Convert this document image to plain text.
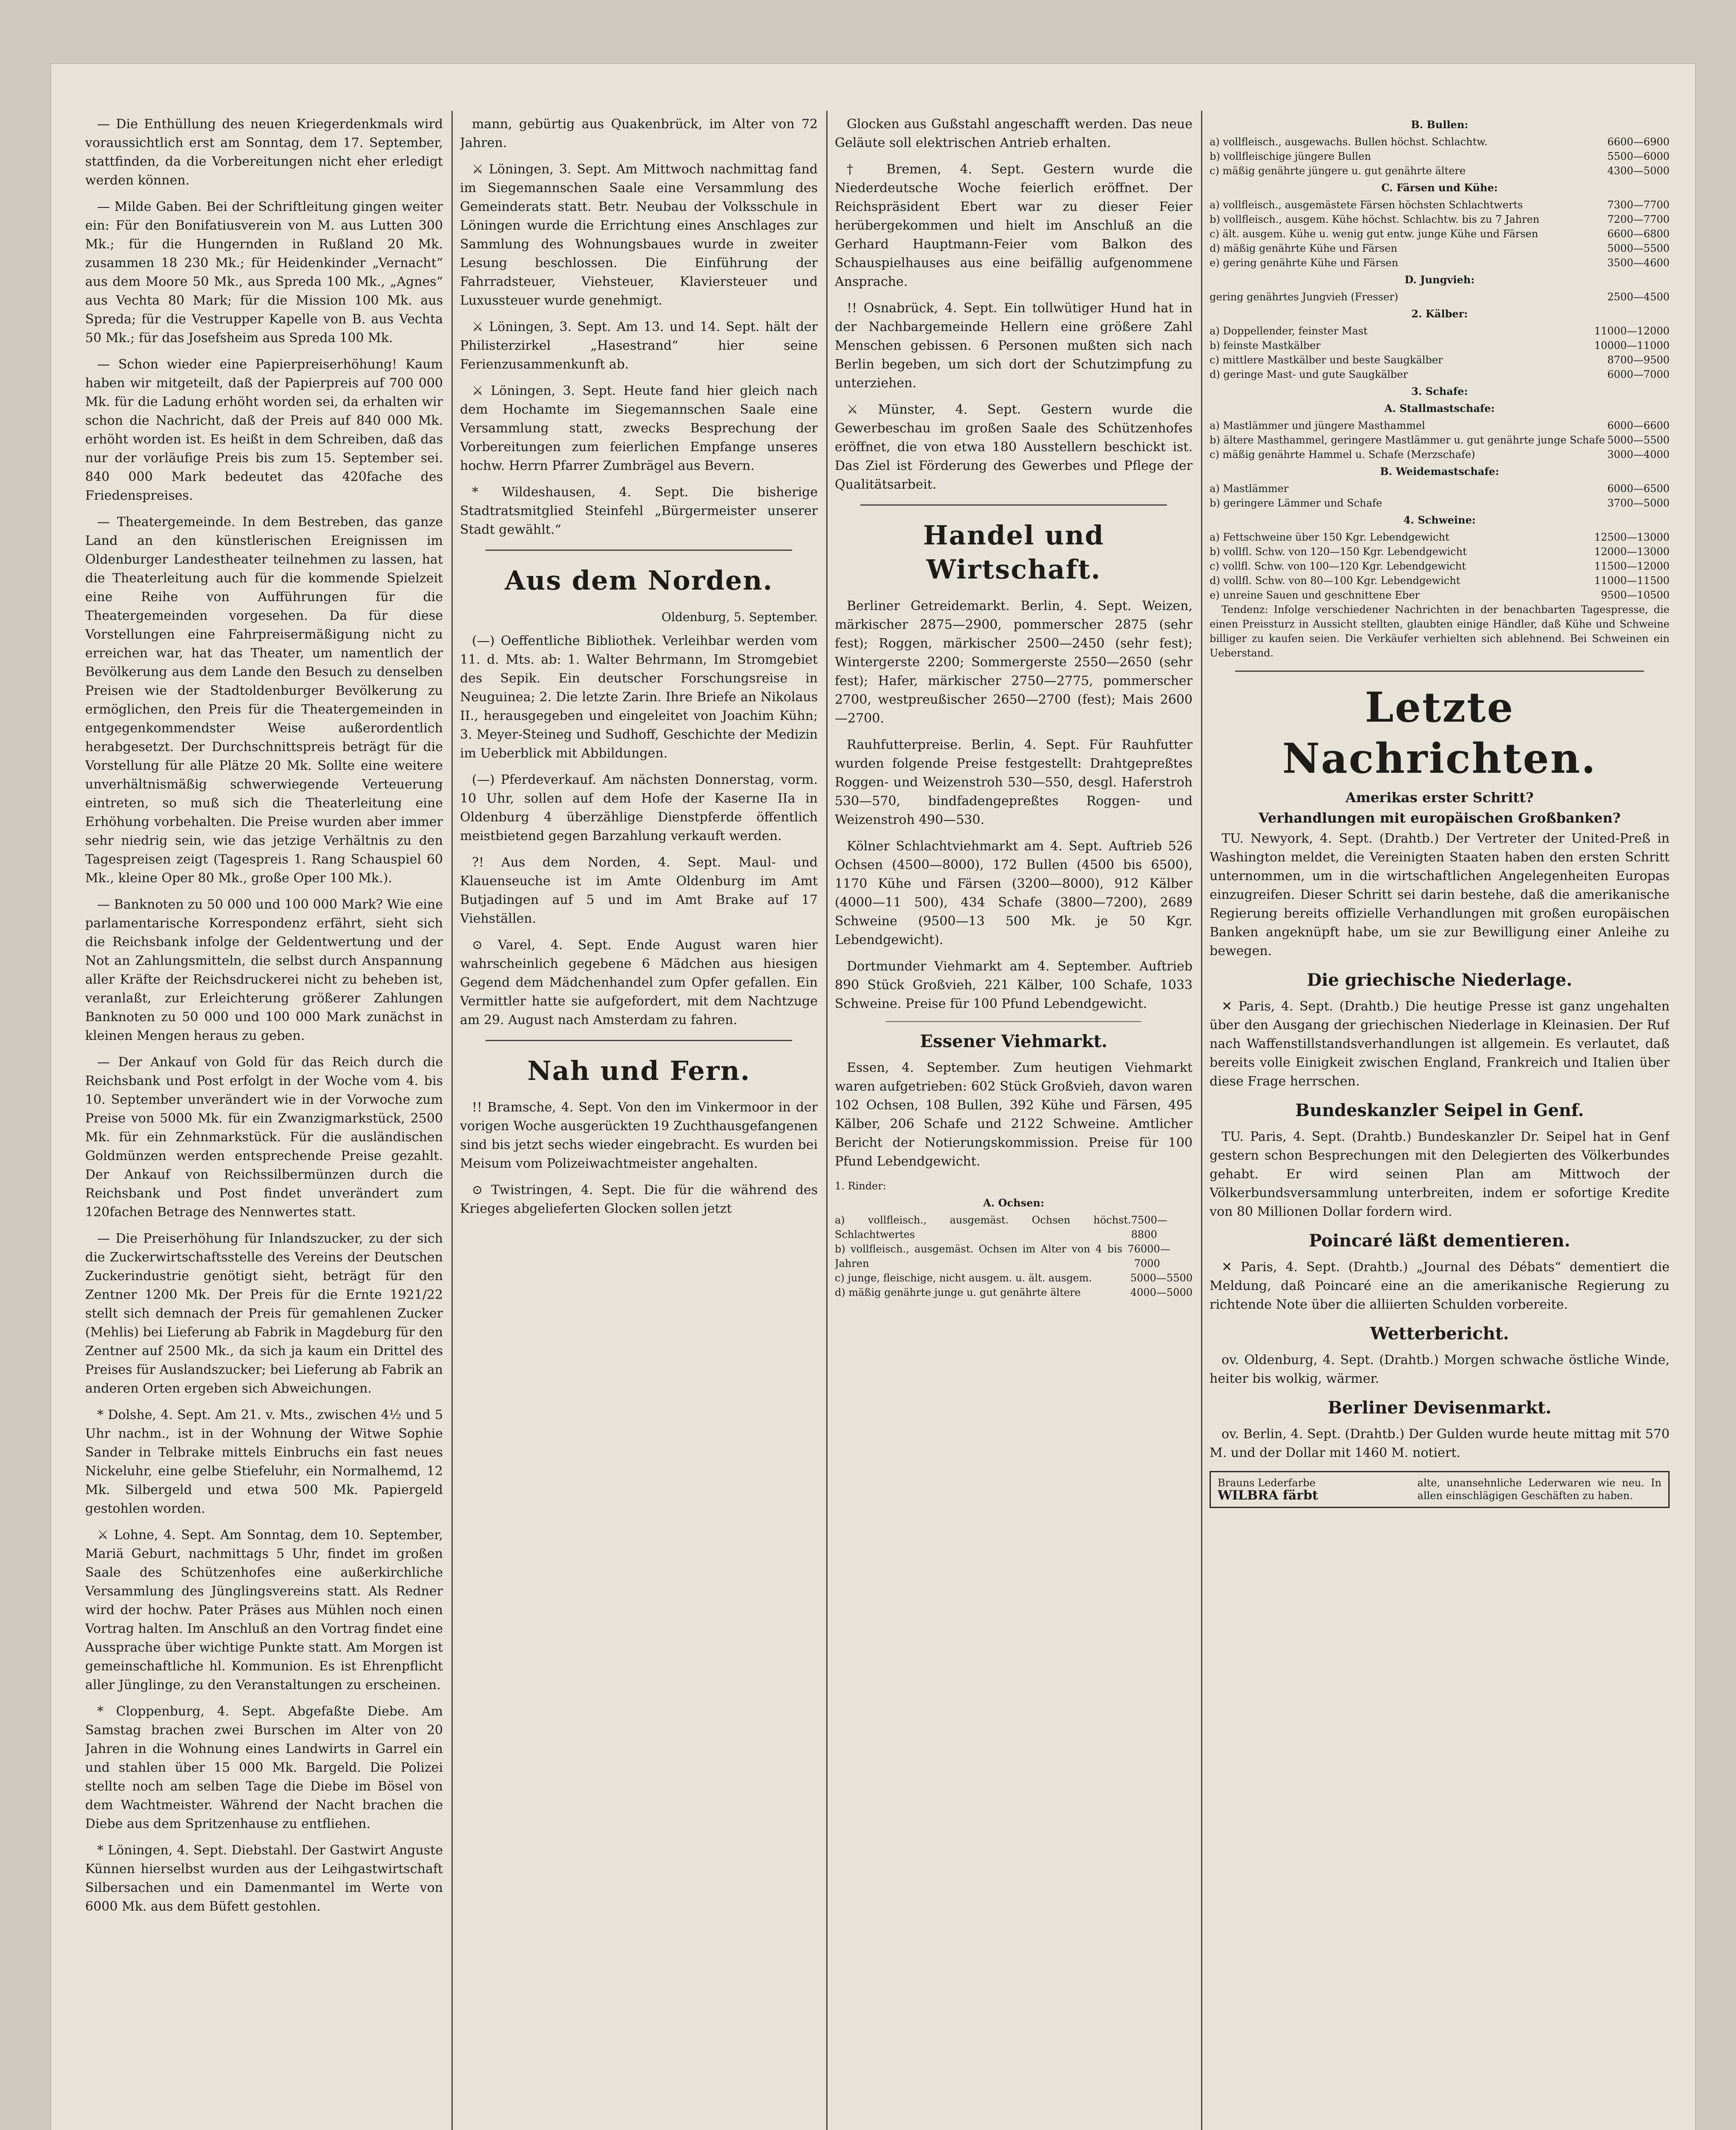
— Die Enthüllung des neuen Kriegerdenkmals wird voraussichtlich erst am Sonntag, dem 17. September, stattfinden, da die Vorbereitungen nicht eher erledigt werden können.

— Milde Gaben. Bei der Schriftleitung gingen weiter ein: Für den Bonifatiusverein von M. aus Lutten 300 Mk.; für die Hungernden in Rußland 20 Mk. zusammen 18 230 Mk.; für Heidenkinder „Vernacht“ aus dem Moore 50 Mk., aus Spreda 100 Mk., „Agnes“ aus Vechta 80 Mark; für die Mission 100 Mk. aus Spreda; für die Vestrupper Kapelle von B. aus Vechta 50 Mk.; für das Josefsheim aus Spreda 100 Mk.

— Schon wieder eine Papierpreiserhöhung! Kaum haben wir mitgeteilt, daß der Papierpreis auf 700 000 Mk. für die Ladung erhöht worden sei, da erhalten wir schon die Nachricht, daß der Preis auf 840 000 Mk. erhöht worden ist. Es heißt in dem Schreiben, daß das nur der vorläufige Preis bis zum 15. September sei. 840 000 Mark bedeutet das 420fache des Friedenspreises.

— Theatergemeinde. In dem Bestreben, das ganze Land an den künstlerischen Ereignissen im Oldenburger Landestheater teilnehmen zu lassen, hat die Theaterleitung auch für die kommende Spielzeit eine Reihe von Aufführungen für die Theatergemeinden vorgesehen. Da für diese Vorstellungen eine Fahrpreisermäßigung nicht zu erreichen war, hat das Theater, um namentlich der Bevölkerung aus dem Lande den Besuch zu denselben Preisen wie der Stadtoldenburger Bevölkerung zu ermöglichen, den Preis für die Theatergemeinden in entgegenkommendster Weise außerordentlich herabgesetzt. Der Durchschnittspreis beträgt für die Vorstellung für alle Plätze 20 Mk. Sollte eine weitere unverhältnismäßig schwerwiegende Verteuerung eintreten, so muß sich die Theaterleitung eine Erhöhung vorbehalten. Die Preise wurden aber immer sehr niedrig sein, wie das jetzige Verhältnis zu den Tagespreisen zeigt (Tagespreis 1. Rang Schauspiel 60 Mk., kleine Oper 80 Mk., große Oper 100 Mk.).

— Banknoten zu 50 000 und 100 000 Mark? Wie eine parlamentarische Korrespondenz erfährt, sieht sich die Reichsbank infolge der Geldentwertung und der Not an Zahlungsmitteln, die selbst durch Anspannung aller Kräfte der Reichsdruckerei nicht zu beheben ist, veranlaßt, zur Erleichterung größerer Zahlungen Banknoten zu 50 000 und 100 000 Mark zunächst in kleinen Mengen heraus zu geben.

— Der Ankauf von Gold für das Reich durch die Reichsbank und Post erfolgt in der Woche vom 4. bis 10. September unverändert wie in der Vorwoche zum Preise von 5000 Mk. für ein Zwanzigmarkstück, 2500 Mk. für ein Zehnmarkstück. Für die ausländischen Goldmünzen werden entsprechende Preise gezahlt. Der Ankauf von Reichssilbermünzen durch die Reichsbank und Post findet unverändert zum 120fachen Betrage des Nennwertes statt.

— Die Preiserhöhung für Inlandszucker, zu der sich die Zuckerwirtschaftsstelle des Vereins der Deutschen Zuckerindustrie genötigt sieht, beträgt für den Zentner 1200 Mk. Der Preis für die Ernte 1921/22 stellt sich demnach der Preis für gemahlenen Zucker (Mehlis) bei Lieferung ab Fabrik in Magdeburg für den Zentner auf 2500 Mk., da sich ja kaum ein Drittel des Preises für Auslandszucker; bei Lieferung ab Fabrik an anderen Orten ergeben sich Abweichungen.

* Dolshe, 4. Sept. Am 21. v. Mts., zwischen 4½ und 5 Uhr nachm., ist in der Wohnung der Witwe Sophie Sander in Telbrake mittels Einbruchs ein fast neues Nickeluhr, eine gelbe Stiefeluhr, ein Normalhemd, 12 Mk. Silbergeld und etwa 500 Mk. Papiergeld gestohlen worden.

⚔ Lohne, 4. Sept. Am Sonntag, dem 10. September, Mariä Geburt, nachmittags 5 Uhr, findet im großen Saale des Schützenhofes eine außerkirchliche Versammlung des Jünglingsvereins statt. Als Redner wird der hochw. Pater Präses aus Mühlen noch einen Vortrag halten. Im Anschluß an den Vortrag findet eine Aussprache über wichtige Punkte statt. Am Morgen ist gemeinschaftliche hl. Kommunion. Es ist Ehrenpflicht aller Jünglinge, zu den Veranstaltungen zu erscheinen.

* Cloppenburg, 4. Sept. Abgefaßte Diebe. Am Samstag brachen zwei Burschen im Alter von 20 Jahren in die Wohnung eines Landwirts in Garrel ein und stahlen über 15 000 Mk. Bargeld. Die Polizei stellte noch am selben Tage die Diebe im Bösel von dem Wachtmeister. Während der Nacht brachen die Diebe aus dem Spritzenhause zu entfliehen.

* Löningen, 4. Sept. Diebstahl. Der Gastwirt Anguste Künnen hierselbst wurden aus der Leihgastwirtschaft Silbersachen und ein Damenmantel im Werte von 6000 Mk. aus dem Büfett gestohlen.

mann, gebürtig aus Quakenbrück, im Alter von 72 Jahren.

⚔ Löningen, 3. Sept. Am Mittwoch nachmittag fand im Siegemannschen Saale eine Versammlung des Gemeinderats statt. Betr. Neubau der Volksschule in Löningen wurde die Errichtung eines Anschlages zur Sammlung des Wohnungsbaues wurde in zweiter Lesung beschlossen. Die Einführung der Fahrradsteuer, Viehsteuer, Klaviersteuer und Luxussteuer wurde genehmigt.

⚔ Löningen, 3. Sept. Am 13. und 14. Sept. hält der Philisterzirkel „Hasestrand“ hier seine Ferienzusammenkunft ab.

⚔ Löningen, 3. Sept. Heute fand hier gleich nach dem Hochamte im Siegemannschen Saale eine Versammlung statt, zwecks Besprechung der Vorbereitungen zum feierlichen Empfange unseres hochw. Herrn Pfarrer Zumbrägel aus Bevern.

* Wildeshausen, 4. Sept. Die bisherige Stadtratsmitglied Steinfehl „Bürgermeister unserer Stadt gewählt.“

Aus dem Norden.
Oldenburg, 5. September.

(—) Oeffentliche Bibliothek. Verleihbar werden vom 11. d. Mts. ab: 1. Walter Behrmann, Im Stromgebiet des Sepik. Ein deutscher Forschungsreise in Neuguinea; 2. Die letzte Zarin. Ihre Briefe an Nikolaus II., herausgegeben und eingeleitet von Joachim Kühn; 3. Meyer-Steineg und Sudhoff, Geschichte der Medizin im Ueberblick mit Abbildungen.

(—) Pferdeverkauf. Am nächsten Donnerstag, vorm. 10 Uhr, sollen auf dem Hofe der Kaserne IIa in Oldenburg 4 überzählige Dienstpferde öffentlich meistbietend gegen Barzahlung verkauft werden.

?! Aus dem Norden, 4. Sept. Maul- und Klauenseuche ist im Amte Oldenburg im Amt Butjadingen auf 5 und im Amt Brake auf 17 Viehställen.

⊙ Varel, 4. Sept. Ende August waren hier wahrscheinlich gegebene 6 Mädchen aus hiesigen Gegend dem Mädchenhandel zum Opfer gefallen. Ein Vermittler hatte sie aufgefordert, mit dem Nachtzuge am 29. August nach Amsterdam zu fahren.

Nah und Fern.

!! Bramsche, 4. Sept. Von den im Vinkermoor in der vorigen Woche ausgerückten 19 Zuchthausgefangenen sind bis jetzt sechs wieder eingebracht. Es wurden bei Meisum vom Polizeiwachtmeister angehalten.

⊙ Twistringen, 4. Sept. Die für die während des Krieges abgelieferten Glocken sollen jetzt

Glocken aus Gußstahl angeschafft werden. Das neue Geläute soll elektrischen Antrieb erhalten.

† Bremen, 4. Sept. Gestern wurde die Niederdeutsche Woche feierlich eröffnet. Der Reichspräsident Ebert war zu dieser Feier herübergekommen und hielt im Anschluß an die Gerhard Hauptmann-Feier vom Balkon des Schauspielhauses aus eine beifällig aufgenommene Ansprache.

!! Osnabrück, 4. Sept. Ein tollwütiger Hund hat in der Nachbargemeinde Hellern eine größere Zahl Menschen gebissen. 6 Personen mußten sich nach Berlin begeben, um sich dort der Schutzimpfung zu unterziehen.

⚔ Münster, 4. Sept. Gestern wurde die Gewerbeschau im großen Saale des Schützenhofes eröffnet, die von etwa 180 Ausstellern beschickt ist. Das Ziel ist Förderung des Gewerbes und Pflege der Qualitätsarbeit.

Handel und Wirtschaft.

Berliner Getreidemarkt. Berlin, 4. Sept. Weizen, märkischer 2875—2900, pommerscher 2875 (sehr fest); Roggen, märkischer 2500—2450 (sehr fest); Wintergerste 2200; Sommergerste 2550—2650 (sehr fest); Hafer, märkischer 2750—2775, pommerscher 2700, westpreußischer 2650—2700 (fest); Mais 2600—2700.

Rauhfutterpreise. Berlin, 4. Sept. Für Rauhfutter wurden folgende Preise festgestellt: Drahtgepreßtes Roggen- und Weizenstroh 530—550, desgl. Haferstroh 530—570, bindfadengepreßtes Roggen- und Weizenstroh 490—530.

Kölner Schlachtviehmarkt am 4. Sept. Auftrieb 526 Ochsen (4500—8000), 172 Bullen (4500 bis 6500), 1170 Kühe und Färsen (3200—8000), 912 Kälber (4000—11 500), 434 Schafe (3800—7200), 2689 Schweine (9500—13 500 Mk. je 50 Kgr. Lebendgewicht).

Dortmunder Viehmarkt am 4. September. Auftrieb 890 Stück Großvieh, 221 Kälber, 100 Schafe, 1033 Schweine. Preise für 100 Pfund Lebendgewicht.

Essener Viehmarkt.

Essen, 4. September. Zum heutigen Viehmarkt waren aufgetrieben: 602 Stück Großvieh, davon waren 102 Ochsen, 108 Bullen, 392 Kühe und Färsen, 495 Kälber, 206 Schafe und 2122 Schweine. Amtlicher Bericht der Notierungskommission. Preise für 100 Pfund Lebendgewicht.

1. Rinder:
A. Ochsen:
a) vollfleisch., ausgemäst. Ochsen höchst. Schlachtwertes
7500—8800
b) vollfleisch., ausgemäst. Ochsen im Alter von 4 bis 7 Jahren
6000—7000
c) junge, fleischige, nicht ausgem. u. ält. ausgem.	5000—5500
d) mäßig genährte junge u. gut genährte ältere	4000—5000
B. Bullen:
a) vollfleisch., ausgewachs. Bullen höchst. Schlachtw.	6600—6900
b) vollfleischige jüngere Bullen	5500—6000
c) mäßig genährte jüngere u. gut genährte ältere	4300—5000
C. Färsen und Kühe:
a) vollfleisch., ausgemästete Färsen höchsten Schlachtwerts	7300—7700
b) vollfleisch., ausgem. Kühe höchst. Schlachtw. bis zu 7 Jahren	7200—7700
c) ält. ausgem. Kühe u. wenig gut entw. junge Kühe und Färsen	6600—6800
d) mäßig genährte Kühe und Färsen	5000—5500
e) gering genährte Kühe und Färsen	3500—4600
D. Jungvieh:
gering genährtes Jungvieh (Fresser)	2500—4500
2. Kälber:
a) Doppellender, feinster Mast	11000—12000
b) feinste Mastkälber	10000—11000
c) mittlere Mastkälber und beste Saugkälber	8700—9500
d) geringe Mast- und gute Saugkälber	6000—7000
3. Schafe:
A. Stallmastschafe:
a) Mastlämmer und jüngere Masthammel	6000—6600
b) ältere Masthammel, geringere Mastlämmer u. gut genährte junge Schafe 5000—5500
c) mäßig genährte Hammel u. Schafe (Merzschafe)	3000—4000
B. Weidemastschafe:
a) Mastlämmer	6000—6500
b) geringere Lämmer und Schafe	3700—5000
4. Schweine:
a) Fettschweine über 150 Kgr. Lebendgewicht	12500—13000
b) vollfl. Schw. von 120—150 Kgr. Lebendgewicht	12000—13000
c) vollfl. Schw. von 100—120 Kgr. Lebendgewicht	11500—12000
d) vollfl. Schw. von 80—100 Kgr. Lebendgewicht	11000—11500
e) unreine Sauen und geschnittene Eber	9500—10500

Tendenz: Infolge verschiedener Nachrichten in der benachbarten Tagespresse, die einen Preissturz in Aussicht stellten, glaubten einige Händler, daß Kühe und Schweine billiger zu kaufen seien. Die Verkäufer verhielten sich ablehnend. Bei Schweinen ein Ueberstand.

Letzte Nachrichten.
Amerikas erster Schritt?
Verhandlungen mit europäischen Großbanken?

TU. Newyork, 4. Sept. (Drahtb.) Der Vertreter der United-Preß in Washington meldet, die Vereinigten Staaten haben den ersten Schritt unternommen, um in die wirtschaftlichen Angelegenheiten Europas einzugreifen. Dieser Schritt sei darin bestehe, daß die amerikanische Regierung bereits offizielle Verhandlungen mit großen europäischen Banken angeknüpft habe, um sie zur Bewilligung einer Anleihe zu bewegen.

Die griechische Niederlage.

✕ Paris, 4. Sept. (Drahtb.) Die heutige Presse ist ganz ungehalten über den Ausgang der griechischen Niederlage in Kleinasien. Der Ruf nach Waffenstillstandsverhandlungen ist allgemein. Es verlautet, daß bereits volle Einigkeit zwischen England, Frankreich und Italien über diese Frage herrschen.

Bundeskanzler Seipel in Genf.

TU. Paris, 4. Sept. (Drahtb.) Bundeskanzler Dr. Seipel hat in Genf gestern schon Besprechungen mit den Delegierten des Völkerbundes gehabt. Er wird seinen Plan am Mittwoch der Völkerbundsversammlung unterbreiten, indem er sofortige Kredite von 80 Millionen Dollar fordern wird.

Poincaré läßt dementieren.

✕ Paris, 4. Sept. (Drahtb.) „Journal des Débats“ dementiert die Meldung, daß Poincaré eine an die amerikanische Regierung zu richtende Note über die alliierten Schulden vorbereite.

Wetterbericht.

ov. Oldenburg, 4. Sept. (Drahtb.) Morgen schwache östliche Winde, heiter bis wolkig, wärmer.

Berliner Devisenmarkt.

ov. Berlin, 4. Sept. (Drahtb.) Der Gulden wurde heute mittag mit 570 M. und der Dollar mit 1460 M. notiert.

Brauns Lederfarbe
WILBRA färbt
alte, unansehnliche Lederwaren wie neu. In allen einschlägigen Geschäften zu haben.
